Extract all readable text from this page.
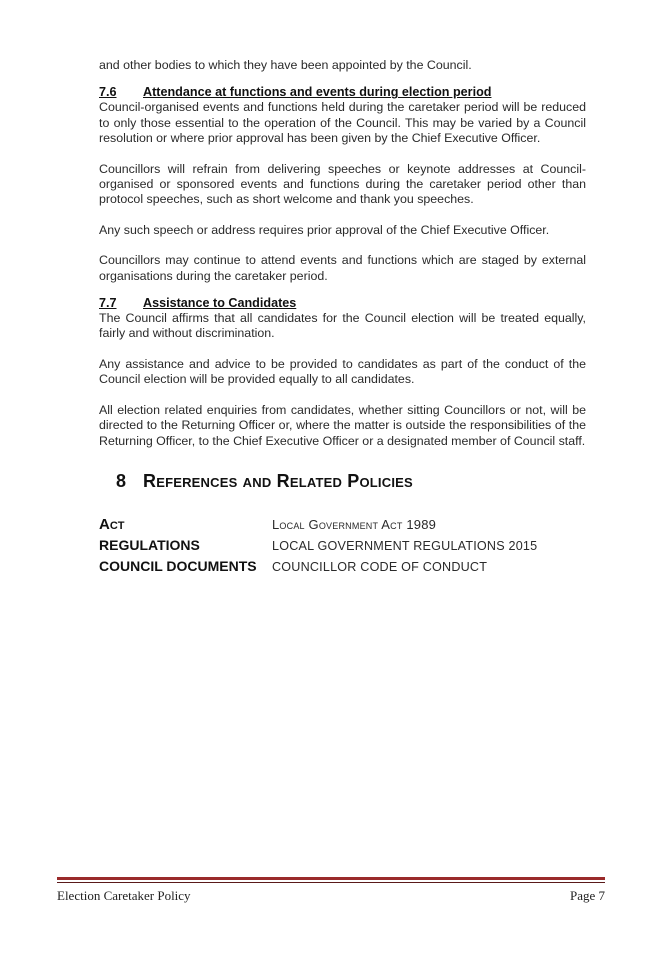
and other bodies to which they have been appointed by the Council.

7.6	Attendance at functions and events during election period

Council-organised events and functions held during the caretaker period will be reduced to only those essential to the operation of the Council. This may be varied by a Council resolution or where prior approval has been given by the Chief Executive Officer.

Councillors will refrain from delivering speeches or keynote addresses at Council-organised or sponsored events and functions during the caretaker period other than protocol speeches, such as short welcome and thank you speeches.

Any such speech or address requires prior approval of the Chief Executive Officer.

Councillors may continue to attend events and functions which are staged by external organisations during the caretaker period.

7.7	Assistance to Candidates

The Council affirms that all candidates for the Council election will be treated equally, fairly and without discrimination.

Any assistance and advice to be provided to candidates as part of the conduct of the Council election will be provided equally to all candidates.

All election related enquiries from candidates, whether sitting Councillors or not, will be directed to the Returning Officer or, where the matter is outside the responsibilities of the Returning Officer, to the Chief Executive Officer or a designated member of Council staff.

8 References and Related Policies
Act	Local Government Act 1989
REGULATIONS	LOCAL GOVERNMENT REGULATIONS 2015
COUNCIL DOCUMENTS	COUNCILLOR CODE OF CONDUCT
Election Caretaker Policy	Page 7
